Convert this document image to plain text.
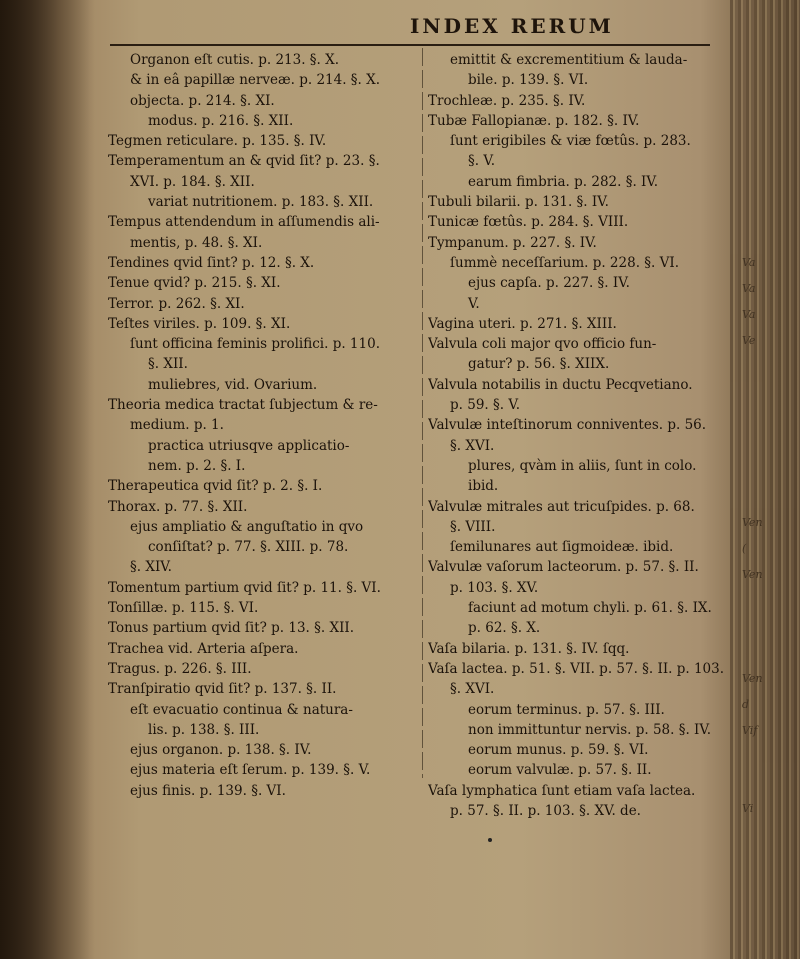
Va
Va
Va
Ve
Ven
(
Ven
Ven
d
Vif
Vi
INDEX RERUM
Organon eſt cutis. p. 213. §. X.
& in eâ papillæ nerveæ. p. 214. §. X.
objecta. p. 214. §. XI.
modus. p. 216. §. XII.
Tegmen reticulare. p. 135. §. IV.
Temperamentum an & qvid ſit? p. 23. §.
XVI. p. 184. §. XII.
variat nutritionem. p. 183. §. XII.
Tempus attendendum in aſſumendis ali-
mentis, p. 48. §. XI.
Tendines qvid ſint? p. 12. §. X.
Tenue qvid? p. 215. §. XI.
Terror. p. 262. §. XI.
Teſtes viriles. p. 109. §. XI.
ſunt officina feminis prolifici. p. 110.
§. XII.
muliebres, vid. Ovarium.
Theoria medica tractat ſubjectum & re-
medium. p. 1.
practica utriusqve applicatio-
nem. p. 2. §. I.
Therapeutica qvid ſit? p. 2. §. I.
Thorax. p. 77. §. XII.
ejus ampliatio & anguſtatio in qvo
conſiſtat? p. 77. §. XIII. p. 78.
§. XIV.
Tomentum partium qvid ſit? p. 11. §. VI.
Tonſillæ. p. 115. §. VI.
Tonus partium qvid ſit? p. 13. §. XII.
Trachea vid. Arteria aſpera.
Tragus. p. 226. §. III.
Tranſpiratio qvid ſit? p. 137. §. II.
eſt evacuatio continua & natura-
lis. p. 138. §. III.
ejus organon. p. 138. §. IV.
ejus materia eſt ſerum. p. 139. §. V.
ejus finis. p. 139. §. VI.
emittit & excrementitium & lauda-
bile. p. 139. §. VI.
Trochleæ. p. 235. §. IV.
Tubæ Fallopianæ. p. 182. §. IV.
ſunt erigibiles & viæ fœtûs. p. 283.
§. V.
earum fimbria. p. 282. §. IV.
Tubuli bilarii. p. 131. §. IV.
Tunicæ fœtûs. p. 284. §. VIII.
Tympanum. p. 227. §. IV.
ſummè neceſſarium. p. 228. §. VI.
ejus capſa. p. 227. §. IV.
V.
Vagina uteri. p. 271. §. XIII.
Valvula coli major qvo officio fun-
gatur? p. 56. §. XIIX.
Valvula notabilis in ductu Pecqvetiano.
p. 59. §. V.
Valvulæ inteſtinorum conniventes. p. 56.
§. XVI.
plures, qvàm in aliis, ſunt in colo.
ibid.
Valvulæ mitrales aut tricuſpides. p. 68.
§. VIII.
ſemilunares aut ſigmoideæ. ibid.
Valvulæ vaſorum lacteorum. p. 57. §. II.
p. 103. §. XV.
faciunt ad motum chyli. p. 61. §. IX.
p. 62. §. X.
Vaſa bilaria. p. 131. §. IV. ſqq.
Vaſa lactea. p. 51. §. VII. p. 57. §. II. p. 103.
§. XVI.
eorum terminus. p. 57. §. III.
non immittuntur nervis. p. 58. §. IV.
eorum munus. p. 59. §. VI.
eorum valvulæ. p. 57. §. II.
Vaſa lymphatica ſunt etiam vaſa lactea.
p. 57. §. II. p. 103. §. XV. de.
